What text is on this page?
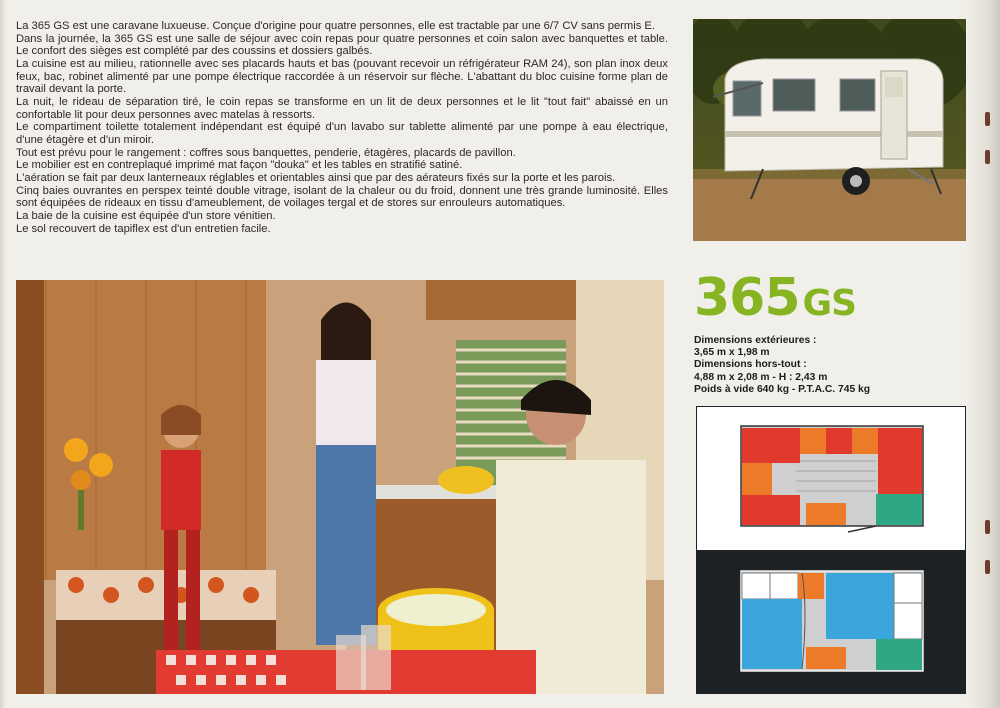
La 365 GS est une caravane luxueuse. Conçue d'origine pour quatre personnes, elle est tractable par une 6/7 CV sans permis E.

Dans la journée, la 365 GS est une salle de séjour avec coin repas pour quatre personnes et coin salon avec banquettes et table. Le confort des sièges est complété par des coussins et dossiers galbés.

La cuisine est au milieu, rationnelle avec ses placards hauts et bas (pouvant recevoir un réfrigérateur RAM 24), son plan inox deux feux, bac, robinet alimenté par une pompe électrique raccordée à un réservoir sur flèche. L'abattant du bloc cuisine forme plan de travail devant la porte.

La nuit, le rideau de séparation tiré, le coin repas se transforme en un lit de deux personnes et le lit "tout fait" abaissé en un confortable lit pour deux personnes avec matelas à ressorts.

Le compartiment toilette totalement indépendant est équipé d'un lavabo sur tablette alimenté par une pompe à eau électrique, d'une étagère et d'un miroir.

Tout est prévu pour le rangement : coffres sous banquettes, penderie, étagères, placards de pavillon.

Le mobilier est en contreplaqué imprimé mat façon "douka" et les tables en stratifié satiné.

L'aération se fait par deux lanterneaux réglables et orientables ainsi que par des aérateurs fixés sur la porte et les parois.

Cinq baies ouvrantes en perspex teinté double vitrage, isolant de la chaleur ou du froid, donnent une très grande luminosité. Elles sont équipées de rideaux en tissu d'ameublement, de voilages tergal et de stores sur enrouleurs automatiques.

La baie de la cuisine est équipée d'un store vénitien.

Le sol recouvert de tapiflex est d'un entretien facile.

365GS
Dimensions extérieures :
3,65 m x 1,98 m
Dimensions hors-tout :
4,88 m x 2,08 m - H : 2,43 m
Poids à vide 640 kg - P.T.A.C. 745 kg
